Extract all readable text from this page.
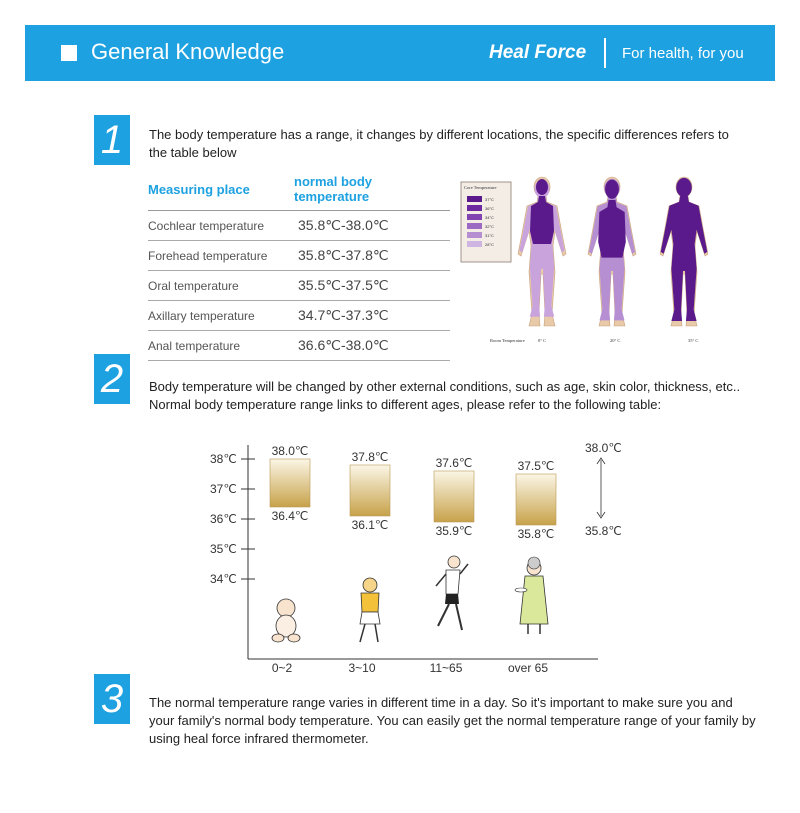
General Knowledge	Heal Force For health, for you
1	The body temperature has a range, it changes by different locations, the specific differences refers to the table below
Measuring place	normal body temperature
Cochlear temperature	35.8℃-38.0℃
Forehead temperature	35.8℃-37.8℃
Oral temperature	35.5℃-37.5℃
Axillary temperature	34.7℃-37.3℃
Anal temperature	36.6℃-38.0℃
Core Temperature
37°C
36°C
34°C
32°C
31°C
28°C
Room Temperature	0° C	20° C	35° C
2	Body temperature will be changed by other external conditions, such as age, skin color, thickness, etc.. Normal body temperature range links to different ages, please refer to the following table:
38℃
37℃
36℃
35℃
34℃
38.0℃
36.4℃
0~2
37.8℃
36.1℃
3~10
37.6℃
35.9℃
11~65
37.5℃
35.8℃
over 65
38.0℃
35.8℃
3	The normal temperature range varies in different time in a day. So it's important to make sure you and your family's normal body temperature. You can easily get the normal temperature range of your family by using heal force infrared thermometer.
